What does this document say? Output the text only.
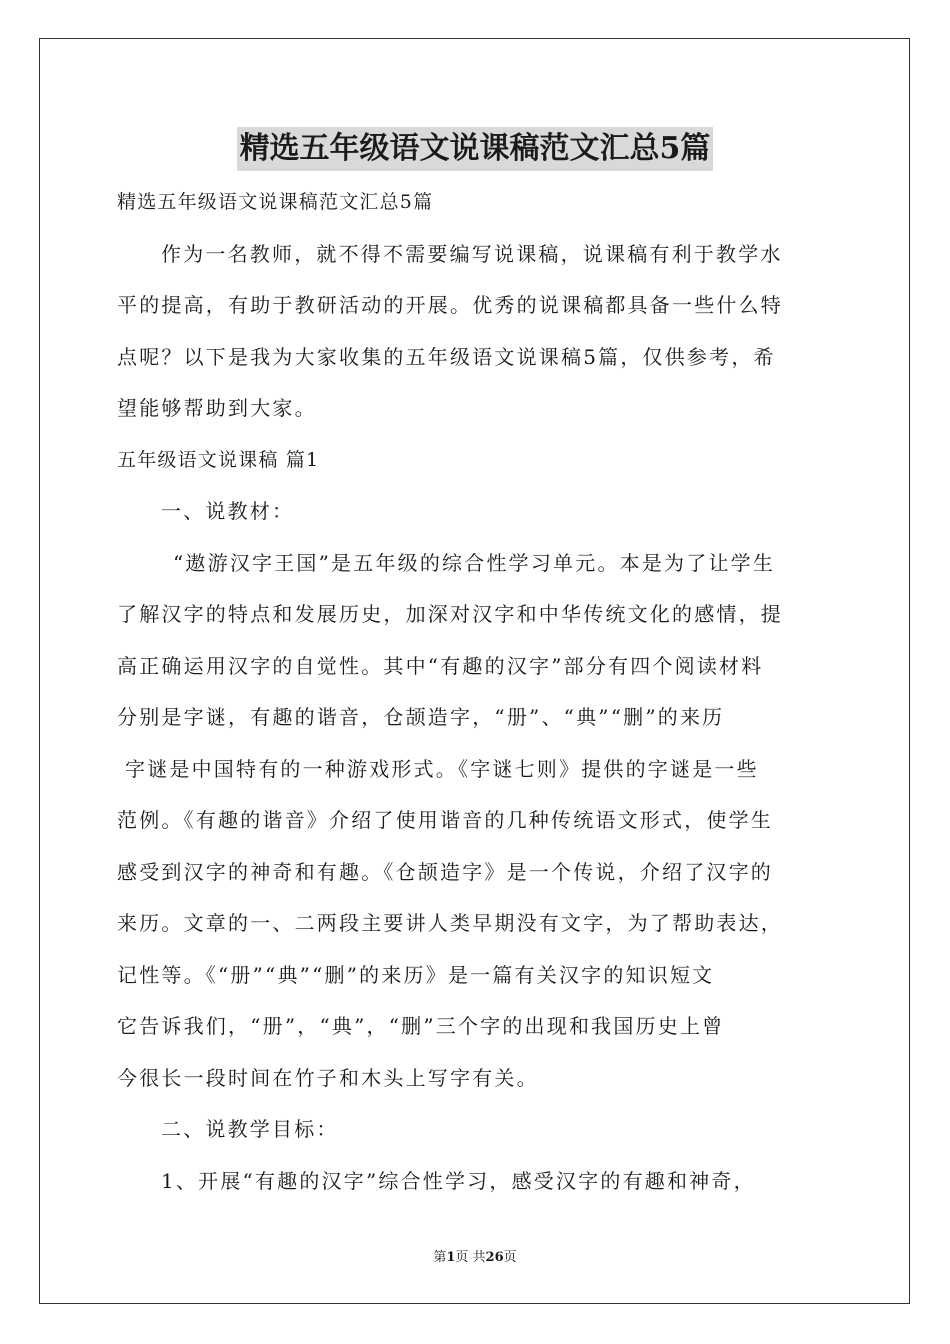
精选五年级语文说课稿范文汇总5篇
精选五年级语文说课稿范文汇总5篇
作为一名教师，就不得不需要编写说课稿，说课稿有利于教学水
平的提高，有助于教研活动的开展。优秀的说课稿都具备一些什么特
点呢？以下是我为大家收集的五年级语文说课稿5篇，仅供参考，希
望能够帮助到大家。
五年级语文说课稿 篇1
一、说教材：
“遨游汉字王国”是五年级的综合性学习单元。本是为了让学生
了解汉字的特点和发展历史，加深对汉字和中华传统文化的感情，提
高正确运用汉字的自觉性。其中“有趣的汉字”部分有四个阅读材料
分别是字谜，有趣的谐音，仓颉造字，“册”、“典”“删”的来历
字谜是中国特有的一种游戏形式。《字谜七则》提供的字谜是一些
范例。《有趣的谐音》介绍了使用谐音的几种传统语文形式，使学生
感受到汉字的神奇和有趣。《仓颉造字》是一个传说，介绍了汉字的
来历。文章的一、二两段主要讲人类早期没有文字，为了帮助表达，
记性等。《“册”“典”“删”的来历》是一篇有关汉字的知识短文
它告诉我们，“册”，“典”，“删”三个字的出现和我国历史上曾
今很长一段时间在竹子和木头上写字有关。
二、说教学目标：
1、开展“有趣的汉字”综合性学习，感受汉字的有趣和神奇，
第1页 共26页
